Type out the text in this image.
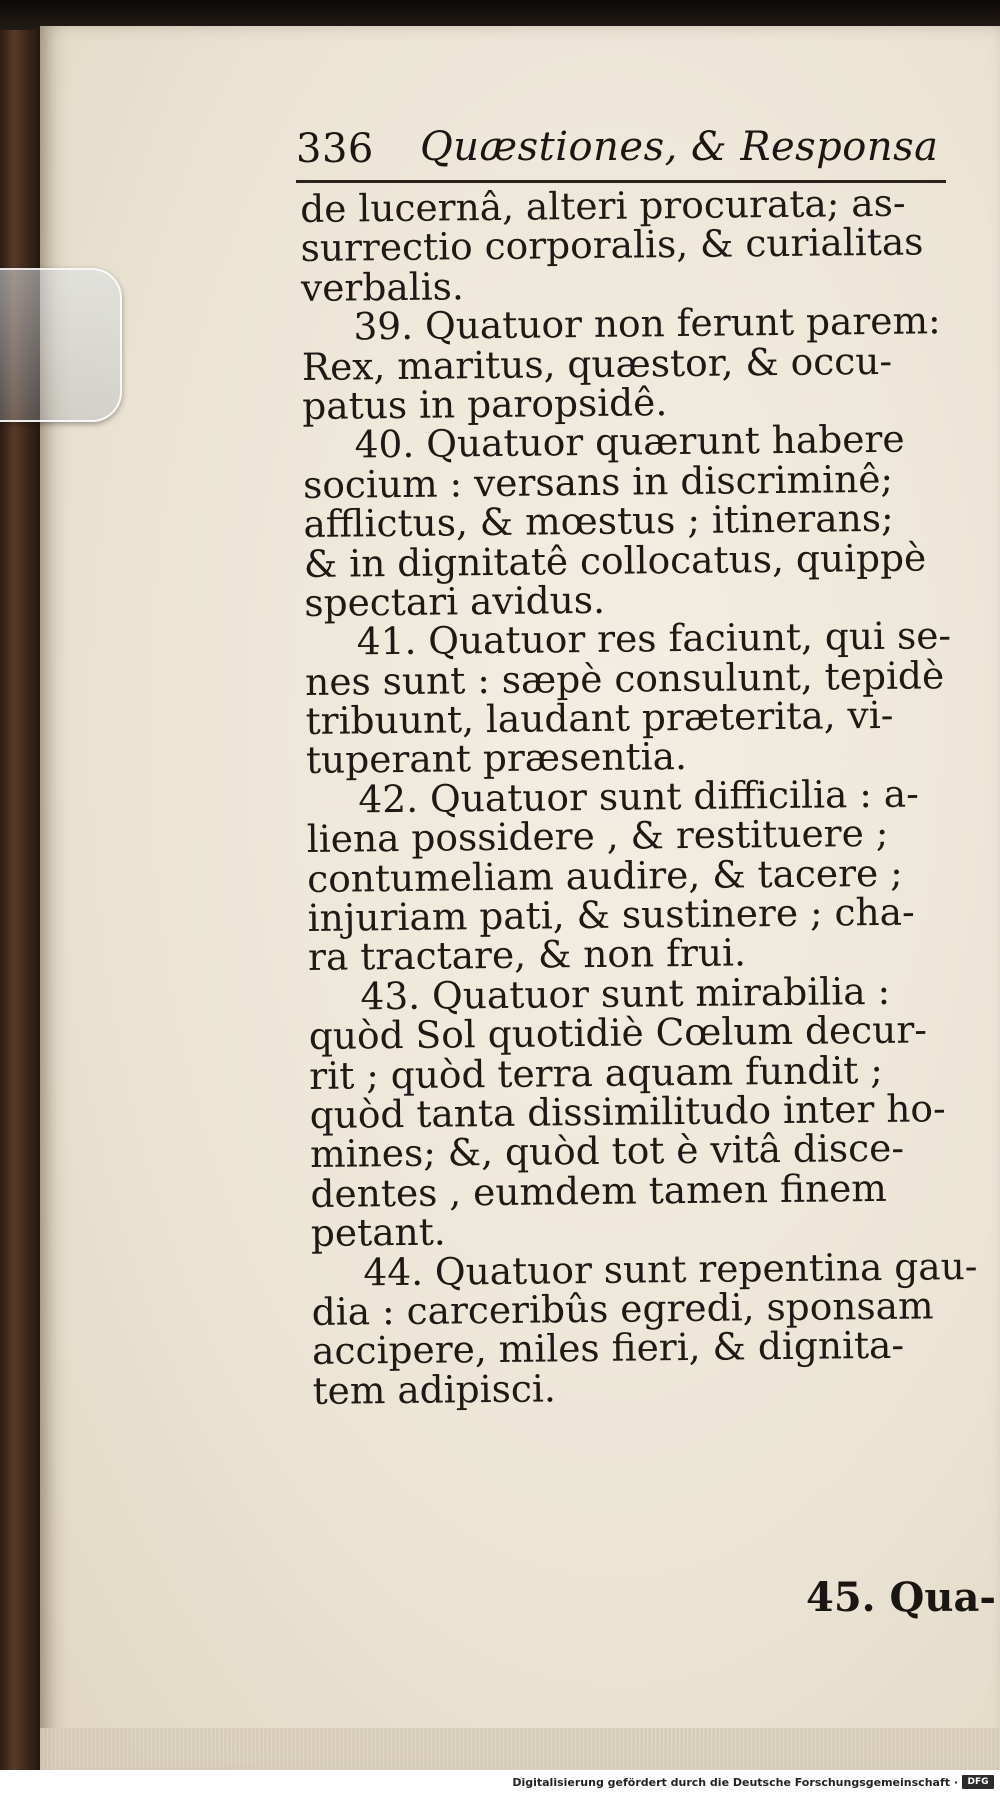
336 Quæstiones, & Responsa
de lucernâ, alteri procurata; as-
surrectio corporalis, & curialitas
verbalis.
39. Quatuor non ferunt parem:
Rex, maritus, quæstor, & occu-
patus in paropsidê.
40. Quatuor quærunt habere
socium : versans in discriminê;
afflictus, & mœstus ; itinerans;
& in dignitatê collocatus, quippè
spectari avidus.
41. Quatuor res faciunt, qui se-
nes sunt : sæpè consulunt, tepidè
tribuunt, laudant præterita, vi-
tuperant præsentia.
42. Quatuor sunt difficilia : a-
liena possidere , & restituere ;
contumeliam audire, & tacere ;
injuriam pati, & sustinere ; cha-
ra tractare, & non frui.
43. Quatuor sunt mirabilia :
quòd Sol quotidiè Cœlum decur-
rit ; quòd terra aquam fundit ;
quòd tanta dissimilitudo inter ho-
mines; &, quòd tot è vitâ disce-
dentes , eumdem tamen finem
petant.
44. Quatuor sunt repentina gau-
dia : carceribûs egredi, sponsam
accipere, miles fieri, & dignita-
tem adipisci.
45. Qua-
Digitalisierung gefördert durch die Deutsche Forschungsgemeinschaft ·	DFG
